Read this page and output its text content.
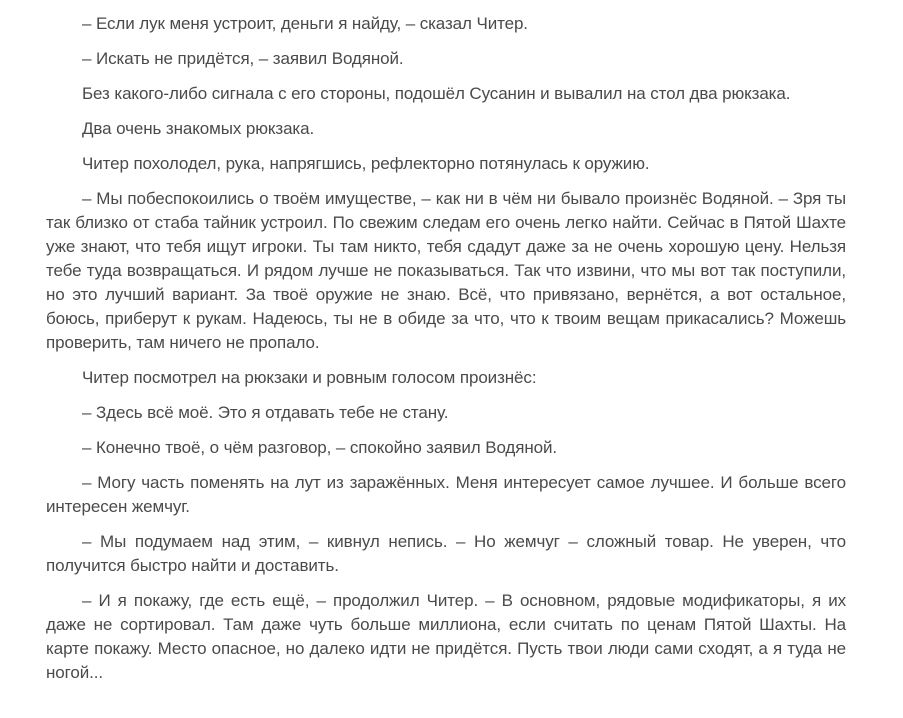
– Если лук меня устроит, деньги я найду, – сказал Читер.

– Искать не придётся, – заявил Водяной.

Без какого-либо сигнала с его стороны, подошёл Сусанин и вывалил на стол два рюкзака.

Два очень знакомых рюкзака.

Читер похолодел, рука, напрягшись, рефлекторно потянулась к оружию.

– Мы побеспокоились о твоём имуществе, – как ни в чём ни бывало произнёс Водяной. – Зря ты так близко от стаба тайник устроил. По свежим следам его очень легко найти. Сейчас в Пятой Шахте уже знают, что тебя ищут игроки. Ты там никто, тебя сдадут даже за не очень хорошую цену. Нельзя тебе туда возвращаться. И рядом лучше не показываться. Так что извини, что мы вот так поступили, но это лучший вариант. За твоё оружие не знаю. Всё, что привязано, вернётся, а вот остальное, боюсь, приберут к рукам. Надеюсь, ты не в обиде за что, что к твоим вещам прикасались? Можешь проверить, там ничего не пропало.

Читер посмотрел на рюкзаки и ровным голосом произнёс:

– Здесь всё моё. Это я отдавать тебе не стану.

– Конечно твоё, о чём разговор, – спокойно заявил Водяной.

– Могу часть поменять на лут из заражённых. Меня интересует самое лучшее. И больше всего интересен жемчуг.

– Мы подумаем над этим, – кивнул непись. – Но жемчуг – сложный товар. Не уверен, что получится быстро найти и доставить.

– И я покажу, где есть ещё, – продолжил Читер. – В основном, рядовые модификаторы, я их даже не сортировал. Там даже чуть больше миллиона, если считать по ценам Пятой Шахты. На карте покажу. Место опасное, но далеко идти не придётся. Пусть твои люди сами сходят, а я туда не ногой...
